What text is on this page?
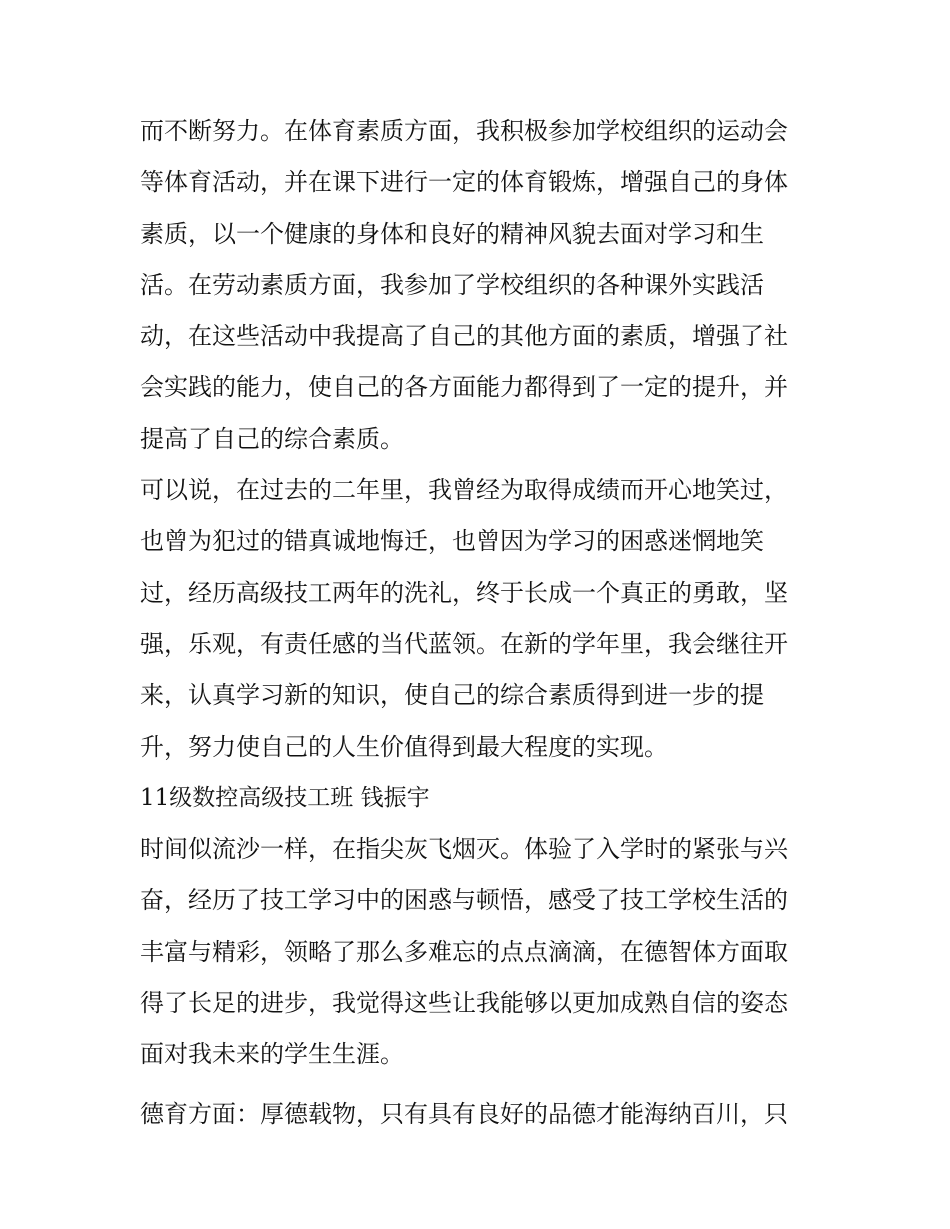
而不断努力。在体育素质方面，我积极参加学校组织的运动会
等体育活动，并在课下进行一定的体育锻炼，增强自己的身体
素质，以一个健康的身体和良好的精神风貌去面对学习和生
活。在劳动素质方面，我参加了学校组织的各种课外实践活
动，在这些活动中我提高了自己的其他方面的素质，增强了社
会实践的能力，使自己的各方面能力都得到了一定的提升，并
提高了自己的综合素质。
可以说，在过去的二年里，我曾经为取得成绩而开心地笑过，
也曾为犯过的错真诚地悔迁，也曾因为学习的困惑迷惘地笑
过，经历高级技工两年的洗礼，终于长成一个真正的勇敢，坚
强，乐观，有责任感的当代蓝领。在新的学年里，我会继往开
来，认真学习新的知识，使自己的综合素质得到进一步的提
升，努力使自己的人生价值得到最大程度的实现。
11级数控高级技工班 钱振宇
时间似流沙一样，在指尖灰飞烟灭。体验了入学时的紧张与兴
奋，经历了技工学习中的困惑与顿悟，感受了技工学校生活的
丰富与精彩，领略了那么多难忘的点点滴滴，在德智体方面取
得了长足的进步，我觉得这些让我能够以更加成熟自信的姿态
面对我未来的学生生涯。
德育方面：厚德载物，只有具有良好的品德才能海纳百川，只
